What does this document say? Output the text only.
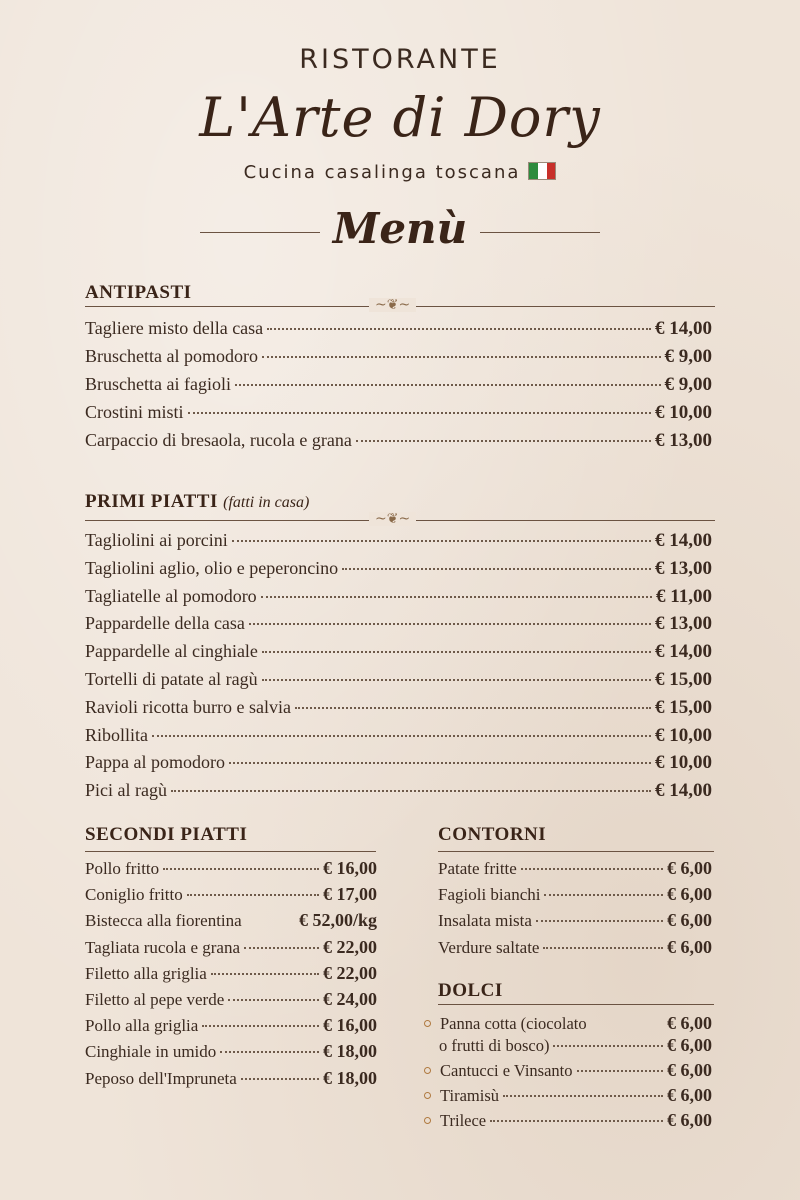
RISTORANTE
L'Arte di Dory
Cucina casalinga toscana
Menù
ANTIPASTI
~❦~
Tagliere misto della casa	€ 14,00
Bruschetta al pomodoro	€ 9,00
Bruschetta ai fagioli	€ 9,00
Crostini misti	€ 10,00
Carpaccio di bresaola, rucola e grana	€ 13,00
PRIMI PIATTI (fatti in casa)
~❦~
Tagliolini ai porcini	€ 14,00
Tagliolini aglio, olio e peperoncino	€ 13,00
Tagliatelle al pomodoro	€ 11,00
Pappardelle della casa	€ 13,00
Pappardelle al cinghiale	€ 14,00
Tortelli di patate al ragù	€ 15,00
Ravioli ricotta burro e salvia	€ 15,00
Ribollita	€ 10,00
Pappa al pomodoro	€ 10,00
Pici al ragù	€ 14,00
SECONDI PIATTI
Pollo fritto	€ 16,00
Coniglio fritto	€ 17,00
Bistecca alla fiorentina	€ 52,00/kg
Tagliata rucola e grana	€ 22,00
Filetto alla griglia	€ 22,00
Filetto al pepe verde	€ 24,00
Pollo alla griglia	€ 16,00
Cinghiale in umido	€ 18,00
Peposo dell'Impruneta	€ 18,00
CONTORNI
Patate fritte	€ 6,00
Fagioli bianchi	€ 6,00
Insalata mista	€ 6,00
Verdure saltate	€ 6,00
DOLCI
Panna cotta (ciocolato	€ 6,00
o frutti di bosco)	€ 6,00
Cantucci e Vinsanto	€ 6,00
Tiramisù	€ 6,00
Trilece	€ 6,00
